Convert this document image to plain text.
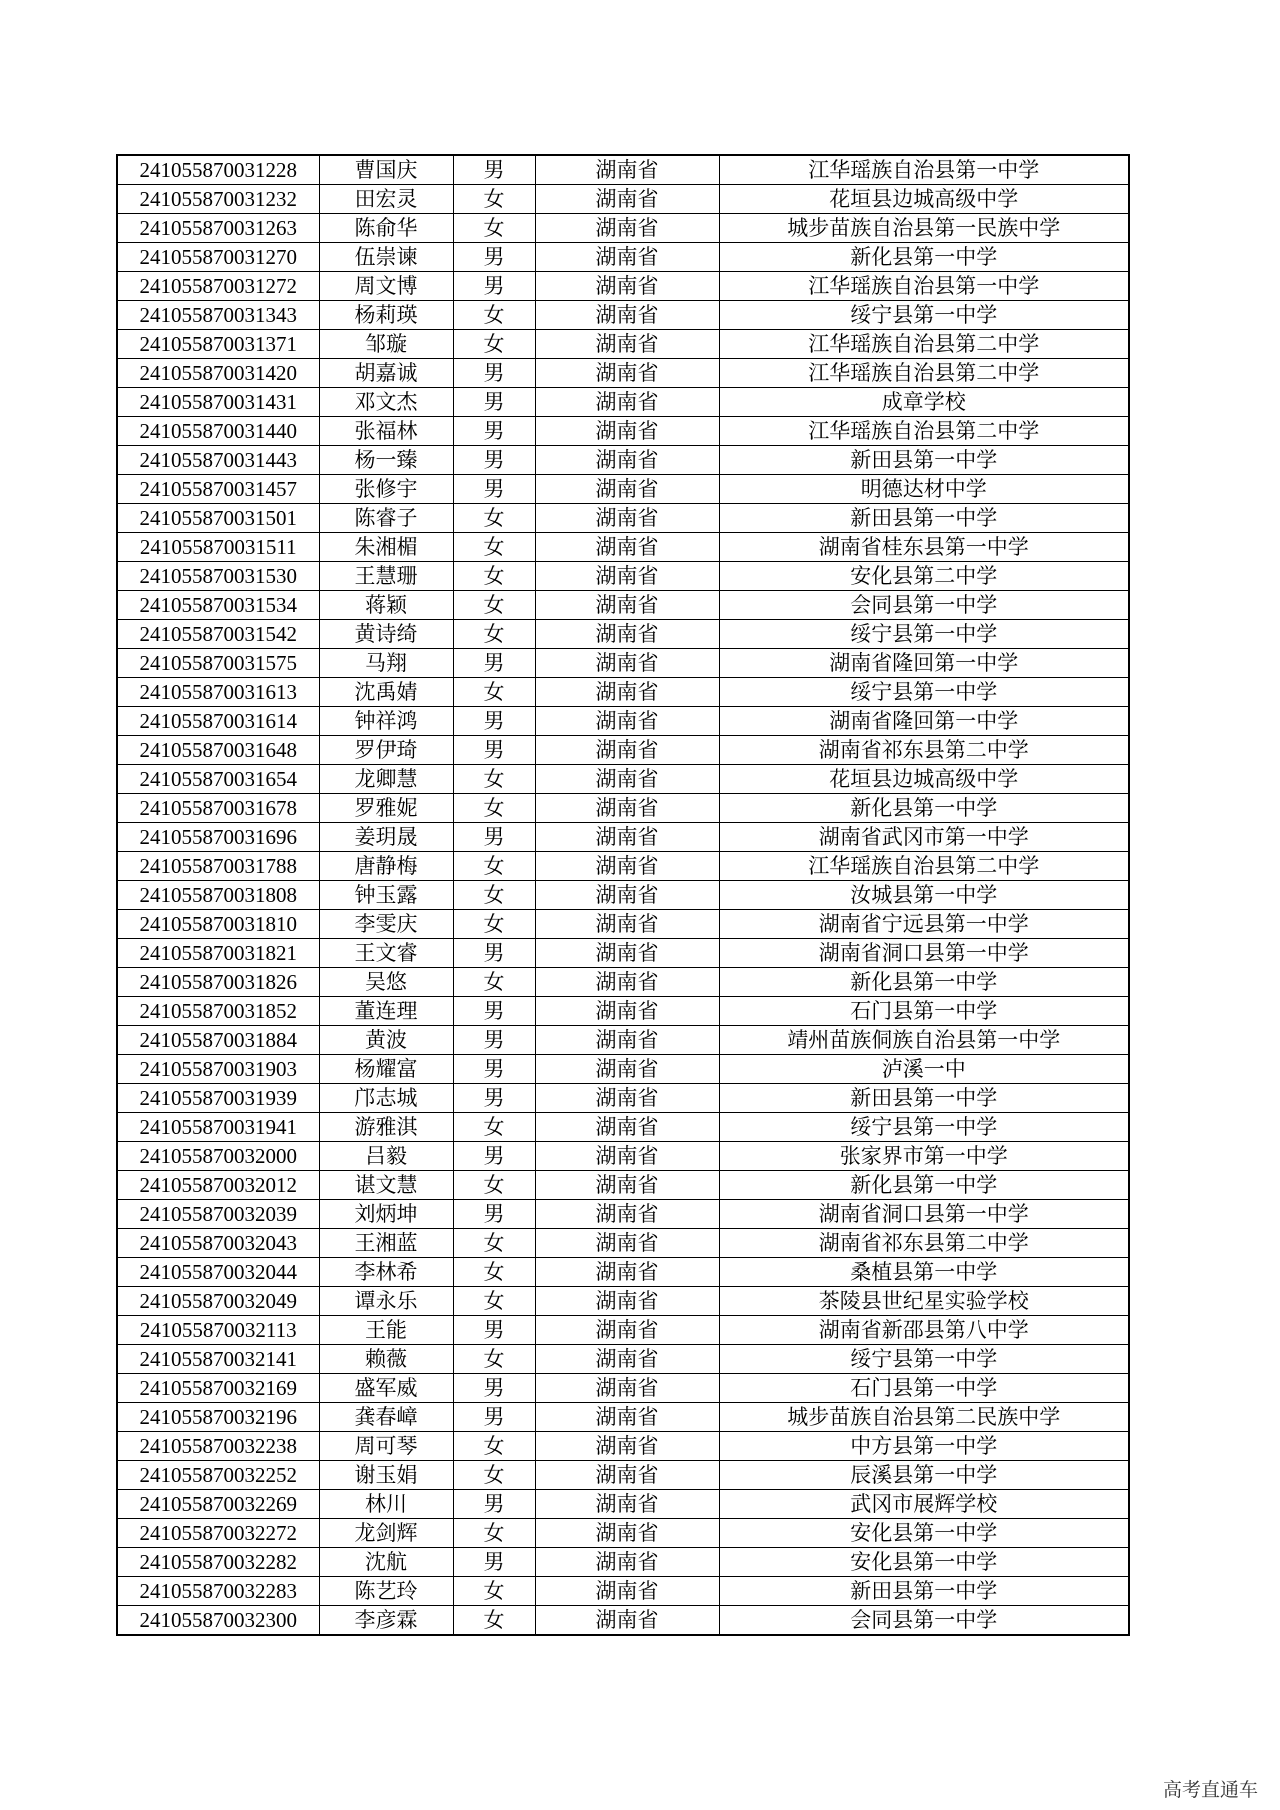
241055870031228	曹国庆	男	湖南省	江华瑶族自治县第一中学
241055870031232	田宏灵	女	湖南省	花垣县边城高级中学
241055870031263	陈俞华	女	湖南省	城步苗族自治县第一民族中学
241055870031270	伍崇谏	男	湖南省	新化县第一中学
241055870031272	周文博	男	湖南省	江华瑶族自治县第一中学
241055870031343	杨莉瑛	女	湖南省	绥宁县第一中学
241055870031371	邹璇	女	湖南省	江华瑶族自治县第二中学
241055870031420	胡嘉诚	男	湖南省	江华瑶族自治县第二中学
241055870031431	邓文杰	男	湖南省	成章学校
241055870031440	张福林	男	湖南省	江华瑶族自治县第二中学
241055870031443	杨一臻	男	湖南省	新田县第一中学
241055870031457	张修宇	男	湖南省	明德达材中学
241055870031501	陈睿子	女	湖南省	新田县第一中学
241055870031511	朱湘楣	女	湖南省	湖南省桂东县第一中学
241055870031530	王慧珊	女	湖南省	安化县第二中学
241055870031534	蒋颖	女	湖南省	会同县第一中学
241055870031542	黄诗绮	女	湖南省	绥宁县第一中学
241055870031575	马翔	男	湖南省	湖南省隆回第一中学
241055870031613	沈禹婧	女	湖南省	绥宁县第一中学
241055870031614	钟祥鸿	男	湖南省	湖南省隆回第一中学
241055870031648	罗伊琦	男	湖南省	湖南省祁东县第二中学
241055870031654	龙卿慧	女	湖南省	花垣县边城高级中学
241055870031678	罗雅妮	女	湖南省	新化县第一中学
241055870031696	姜玥晟	男	湖南省	湖南省武冈市第一中学
241055870031788	唐静梅	女	湖南省	江华瑶族自治县第二中学
241055870031808	钟玉露	女	湖南省	汝城县第一中学
241055870031810	李雯庆	女	湖南省	湖南省宁远县第一中学
241055870031821	王文睿	男	湖南省	湖南省洞口县第一中学
241055870031826	吴悠	女	湖南省	新化县第一中学
241055870031852	董连理	男	湖南省	石门县第一中学
241055870031884	黄波	男	湖南省	靖州苗族侗族自治县第一中学
241055870031903	杨耀富	男	湖南省	泸溪一中
241055870031939	邝志城	男	湖南省	新田县第一中学
241055870031941	游雅淇	女	湖南省	绥宁县第一中学
241055870032000	吕毅	男	湖南省	张家界市第一中学
241055870032012	谌文慧	女	湖南省	新化县第一中学
241055870032039	刘炳坤	男	湖南省	湖南省洞口县第一中学
241055870032043	王湘蓝	女	湖南省	湖南省祁东县第二中学
241055870032044	李林希	女	湖南省	桑植县第一中学
241055870032049	谭永乐	女	湖南省	茶陵县世纪星实验学校
241055870032113	王能	男	湖南省	湖南省新邵县第八中学
241055870032141	赖薇	女	湖南省	绥宁县第一中学
241055870032169	盛军威	男	湖南省	石门县第一中学
241055870032196	龚春嶂	男	湖南省	城步苗族自治县第二民族中学
241055870032238	周可琴	女	湖南省	中方县第一中学
241055870032252	谢玉娟	女	湖南省	辰溪县第一中学
241055870032269	林川	男	湖南省	武冈市展辉学校
241055870032272	龙剑辉	女	湖南省	安化县第一中学
241055870032282	沈航	男	湖南省	安化县第一中学
241055870032283	陈艺玲	女	湖南省	新田县第一中学
241055870032300	李彦霖	女	湖南省	会同县第一中学
高考直通车
